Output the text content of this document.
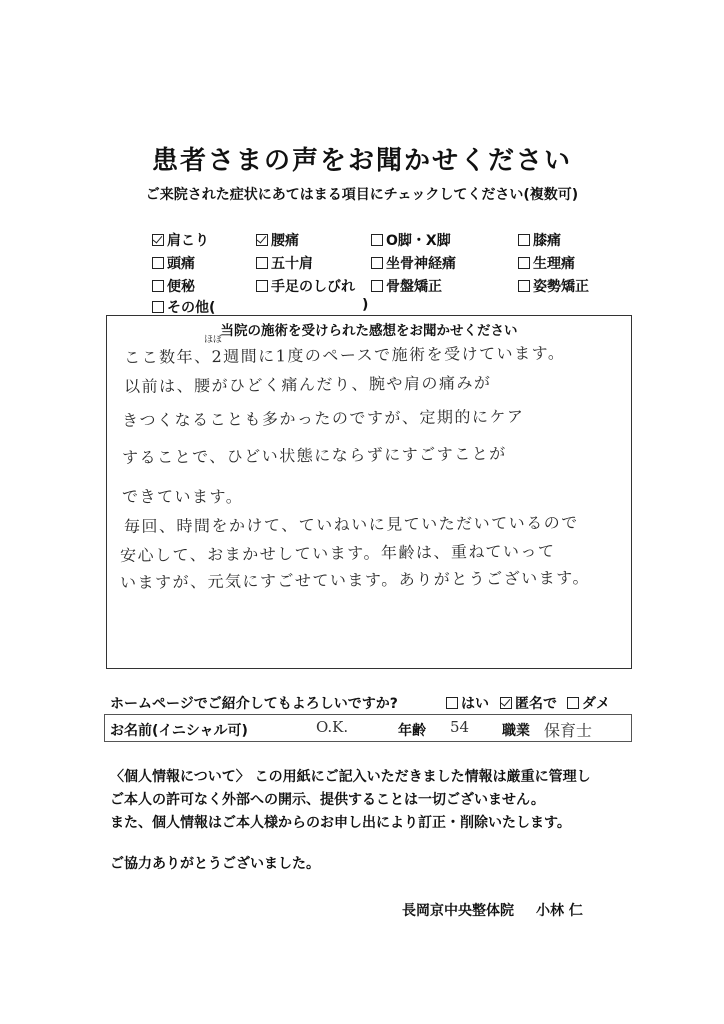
患者さまの声をお聞かせください
ご来院された症状にあてはまる項目にチェックしてください(複数可)
肩こり	腰痛	O脚・X脚	膝痛
頭痛	五十肩	坐骨神経痛	生理痛
便秘	手足のしびれ	骨盤矯正	姿勢矯正
その他(	)
当院の施術を受けられた感想をお聞かせください
ほぼ
ここ数年、2週間に1度のペースで施術を受けています。
以前は、腰がひどく痛んだり、腕や肩の痛みが
きつくなることも多かったのですが、定期的にケア
することで、ひどい状態にならずにすごすことが
できています。
毎回、時間をかけて、ていねいに見ていただいているので
安心して、おまかせしています。年齢は、重ねていって
いますが、元気にすごせています。ありがとうございます。
ホームページでご紹介してもよろしいですか?	はい	匿名で	ダメ
お名前(イニシャル可)	O.K.	年齢 54 職業 保育士
〈個人情報について〉 この用紙にご記入いただきました情報は厳重に管理し
ご本人の許可なく外部への開示、提供することは一切ございません。
また、個人情報はご本人様からのお申し出により訂正・削除いたします。
ご協力ありがとうございました。
長岡京中央整体院 小林 仁
